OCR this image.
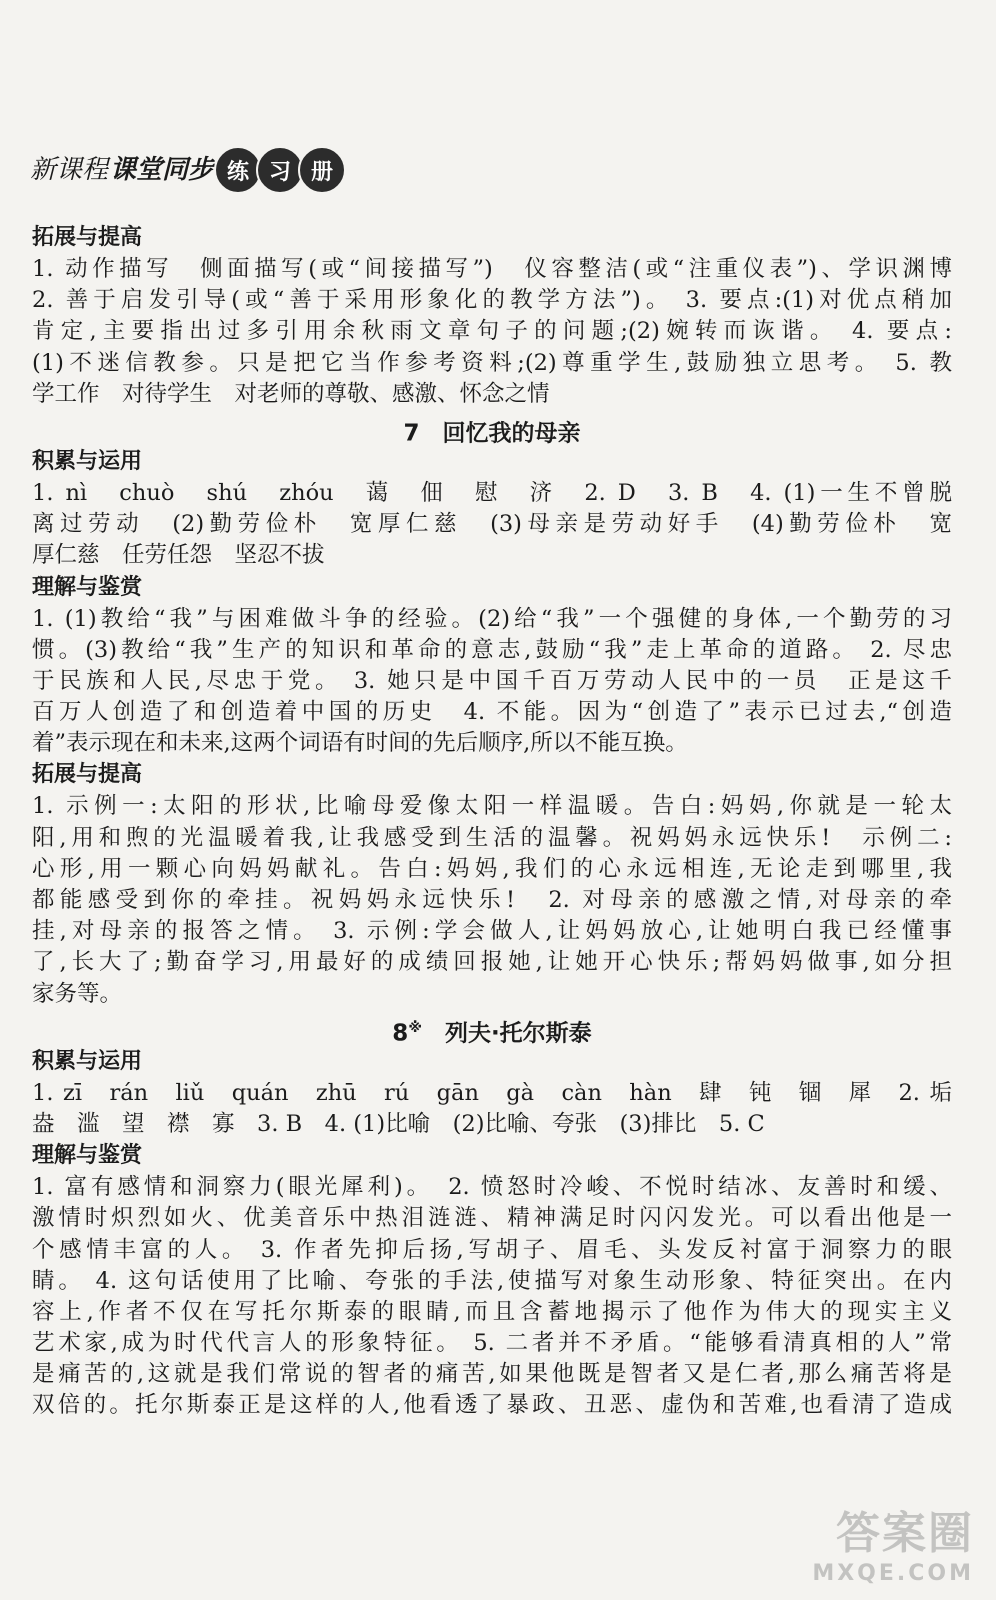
新课程 课堂同步 练 习 册
拓展与提高
1. 动作描写　侧面描写(或“间接描写”)　仪容整洁(或“注重仪表”)、学识渊博
2. 善于启发引导(或“善于采用形象化的教学方法”)。 3. 要点:(1)对优点稍加
肯定,主要指出过多引用余秋雨文章句子的问题;(2)婉转而诙谐。 4. 要点:
(1)不迷信教参。只是把它当作参考资料;(2)尊重学生,鼓励独立思考。 5. 教
学工作　对待学生　对老师的尊敬、感激、怀念之情
7  回忆我的母亲
积累与运用
1. nì　chuò　shú　zhóu　蔼　佃　慰　济　2. D　3. B　4. (1)一生不曾脱
离过劳动　(2)勤劳俭朴　宽厚仁慈　(3)母亲是劳动好手　(4)勤劳俭朴　宽
厚仁慈　任劳任怨　坚忍不拔
理解与鉴赏
1. (1)教给“我”与困难做斗争的经验。(2)给“我”一个强健的身体,一个勤劳的习
惯。(3)教给“我”生产的知识和革命的意志,鼓励“我”走上革命的道路。 2. 尽忠
于民族和人民,尽忠于党。 3. 她只是中国千百万劳动人民中的一员　正是这千
百万人创造了和创造着中国的历史　4. 不能。因为“创造了”表示已过去,“创造
着”表示现在和未来,这两个词语有时间的先后顺序,所以不能互换。
拓展与提高
1. 示例一:太阳的形状,比喻母爱像太阳一样温暖。告白:妈妈,你就是一轮太
阳,用和煦的光温暖着我,让我感受到生活的温馨。祝妈妈永远快乐!　示例二:
心形,用一颗心向妈妈献礼。告白:妈妈,我们的心永远相连,无论走到哪里,我
都能感受到你的牵挂。祝妈妈永远快乐!　2. 对母亲的感激之情,对母亲的牵
挂,对母亲的报答之情。 3. 示例:学会做人,让妈妈放心,让她明白我已经懂事
了,长大了;勤奋学习,用最好的成绩回报她,让她开心快乐;帮妈妈做事,如分担
家务等。
8※  列夫·托尔斯泰
积累与运用
1. zī　rán　liǔ　quán　zhū　rú　gān　gà　càn　hàn　肆　钝　锢　犀　2. 垢
盎　滥　望　襟　寡　3. B　4. (1)比喻　(2)比喻、夸张　(3)排比　5. C
理解与鉴赏
1. 富有感情和洞察力(眼光犀利)。　2. 愤怒时冷峻、不悦时结冰、友善时和缓、
激情时炽烈如火、优美音乐中热泪涟涟、精神满足时闪闪发光。可以看出他是一
个感情丰富的人。 3. 作者先抑后扬,写胡子、眉毛、头发反衬富于洞察力的眼
睛。 4. 这句话使用了比喻、夸张的手法,使描写对象生动形象、特征突出。在内
容上,作者不仅在写托尔斯泰的眼睛,而且含蓄地揭示了他作为伟大的现实主义
艺术家,成为时代代言人的形象特征。 5. 二者并不矛盾。“能够看清真相的人”常
是痛苦的,这就是我们常说的智者的痛苦,如果他既是智者又是仁者,那么痛苦将是
双倍的。托尔斯泰正是这样的人,他看透了暴政、丑恶、虚伪和苦难,也看清了造成
答案圈
MXQE.COM
